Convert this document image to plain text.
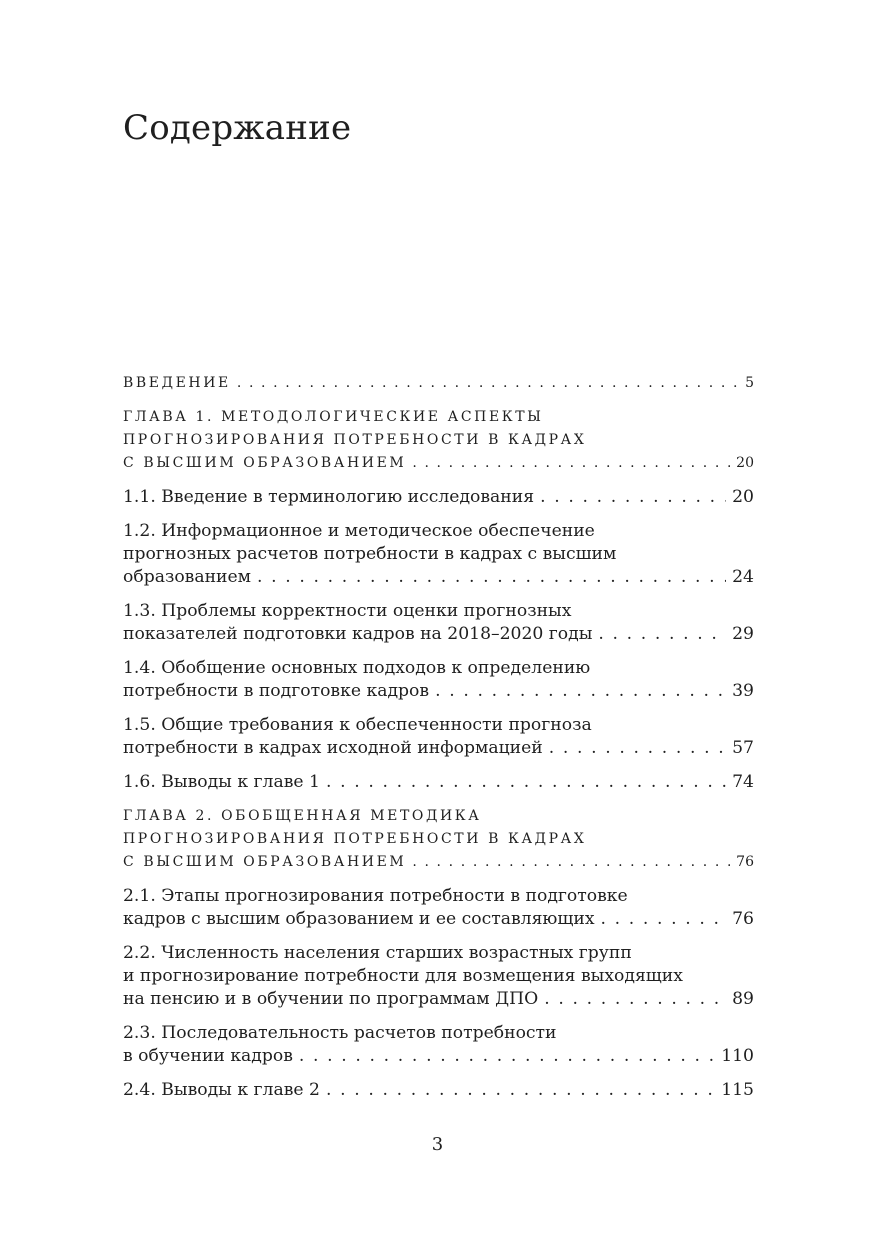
Содержание
ВВЕДЕНИЕ . . .	5
ГЛАВА 1. МЕТОДОЛОГИЧЕСКИЕ АСПЕКТЫ
ПРОГНОЗИРОВАНИЯ ПОТРЕБНОСТИ В КАДРАХ
С ВЫСШИМ ОБРАЗОВАНИЕМ . . .	20
1.1. Введение в терминологию исследования . . .	20
1.2. Информационное и методическое обеспечение
прогнозных расчетов потребности в кадрах с высшим
образованием . . .	24
1.3. Проблемы корректности оценки прогнозных
показателей подготовки кадров на 2018–2020 годы . . .	29
1.4. Обобщение основных подходов к определению
потребности в подготовке кадров . . .	39
1.5. Общие требования к обеспеченности прогноза
потребности в кадрах исходной информацией . . .	57
1.6. Выводы к главе 1 . . .	74
ГЛАВА 2. ОБОБЩЕННАЯ МЕТОДИКА
ПРОГНОЗИРОВАНИЯ ПОТРЕБНОСТИ В КАДРАХ
С ВЫСШИМ ОБРАЗОВАНИЕМ . . .	76
2.1. Этапы прогнозирования потребности в подготовке
кадров с высшим образованием и ее составляющих . . .	76
2.2. Численность населения старших возрастных групп
и прогнозирование потребности для возмещения выходящих
на пенсию и в обучении по программам ДПО . . .	89
2.3. Последовательность расчетов потребности
в обучении кадров . . .	110
2.4. Выводы к главе 2 . . .	115
3
